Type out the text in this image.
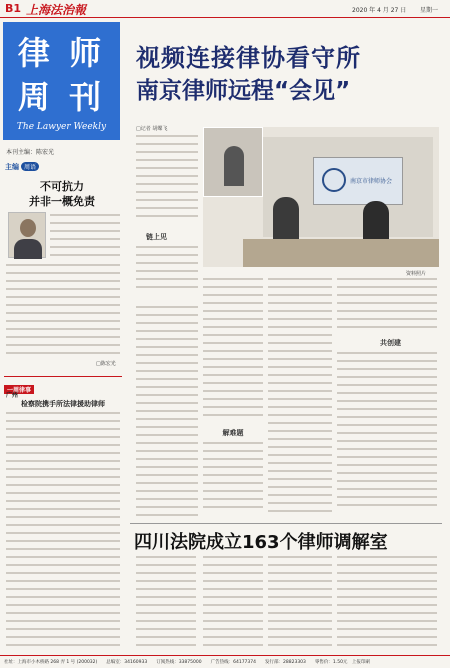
B1 上海法治報	2020 年 4 月 27 日 星期一
律 师
周 刊
The Lawyer Weekly
本刊主编：陈宏光
视频连接律协看守所
南京律师远程“会见”
□记者 胡蝶飞
链上见
南京市律师协会
资料照片
解难题
共创建
主编 周语
不可抗力
并非一概免责
□陈宏光
一周律事
广州
检察院携手所法律援助律师
四川法院成立163个律师调解室
社址：上海市小木桥路 268 弄 1 号 (200032)　　总编室：34160933　　订阅热线：33875000　　广告热线：64177374　　发行部：28823303　　零售价：1.50元　上报印刷
